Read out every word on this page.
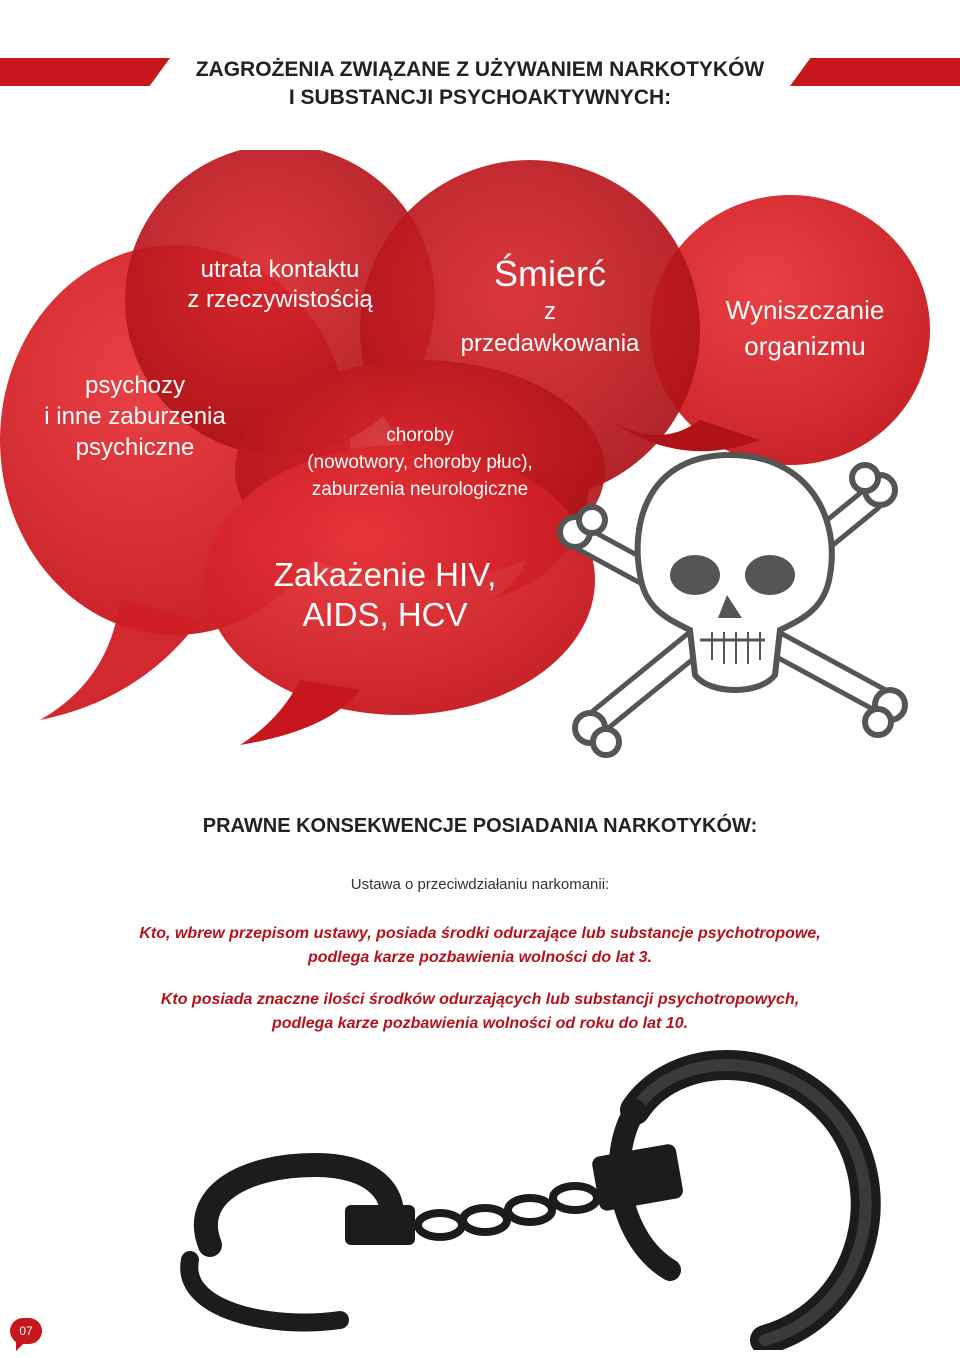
ZAGROŻENIA ZWIĄZANE Z UŻYWANIEM NARKOTYKÓW
I SUBSTANCJI PSYCHOAKTYWNYCH:
utrata kontaktu
z rzeczywistością
Śmierć
z
przedawkowania
Wyniszczanie
organizmu
psychozy
i inne zaburzenia
psychiczne	choroby
(nowotwory, choroby płuc),
zaburzenia neurologiczne
Zakażenie HIV,
AIDS, HCV
PRAWNE KONSEKWENCJE POSIADANIA NARKOTYKÓW:
Ustawa o przeciwdziałaniu narkomanii:
Kto, wbrew przepisom ustawy, posiada środki odurzające lub substancje psychotropowe,
podlega karze pozbawienia wolności do lat 3.
Kto posiada znaczne ilości środków odurzających lub substancji psychotropowych,
podlega karze pozbawienia wolności od roku do lat 10.
07
